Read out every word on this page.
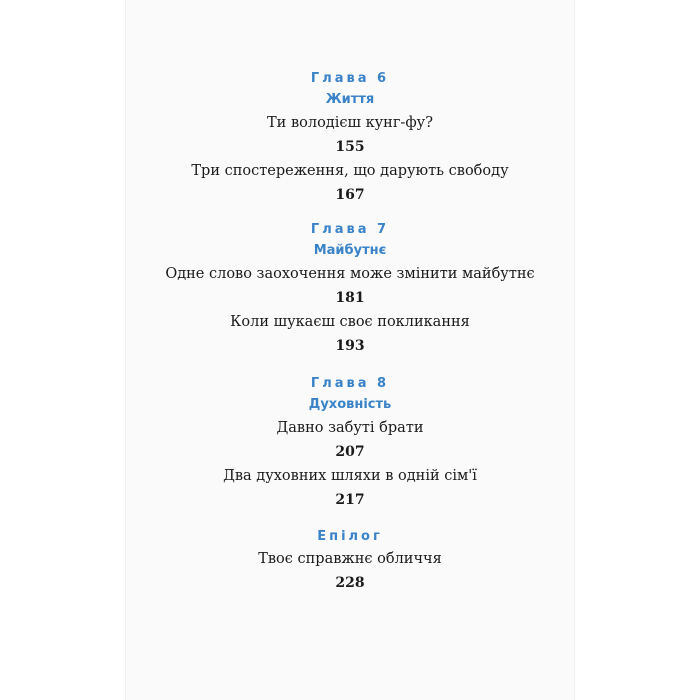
Глава 6
Життя
Ти володієш кунг-фу?
155
Три спостереження, що дарують свободу
167
Глава 7
Майбутнє
Одне слово заохочення може змінити майбутнє
181
Коли шукаєш своє покликання
193
Глава 8
Духовність
Давно забуті брати
207
Два духовних шляхи в одній сім'ї
217
Епілог
Твоє справжнє обличчя
228
